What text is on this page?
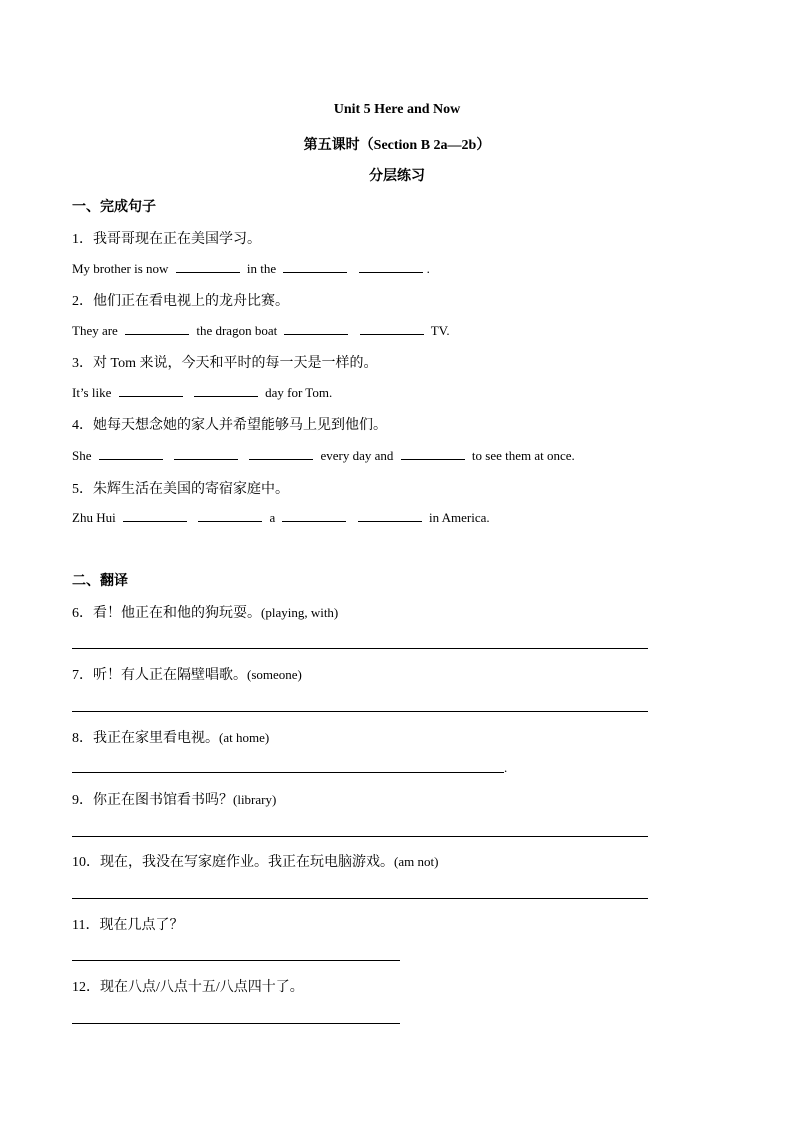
Unit 5 Here and Now
第五课时（Section B 2a—2b）
分层练习
一、完成句子
1．我哥哥现在正在美国学习。
My brother is now	in the	.
2．他们正在看电视上的龙舟比赛。
They are	the dragon boat	TV.
3．对 Tom 来说，今天和平时的每一天是一样的。
It’s like	day for Tom.
4．她每天想念她的家人并希望能够马上见到他们。
She	every day and	to see them at once.
5．朱辉生活在美国的寄宿家庭中。
Zhu Hui	a	in America.
二、翻译
6．看！他正在和他的狗玩耍。(playing, with)
7．听！有人正在隔壁唱歌。(someone)
8．我正在家里看电视。(at home)
.
9．你正在图书馆看书吗？(library)
10．现在，我没在写家庭作业。我正在玩电脑游戏。(am not)
11．现在几点了？
12．现在八点/八点十五/八点四十了。
